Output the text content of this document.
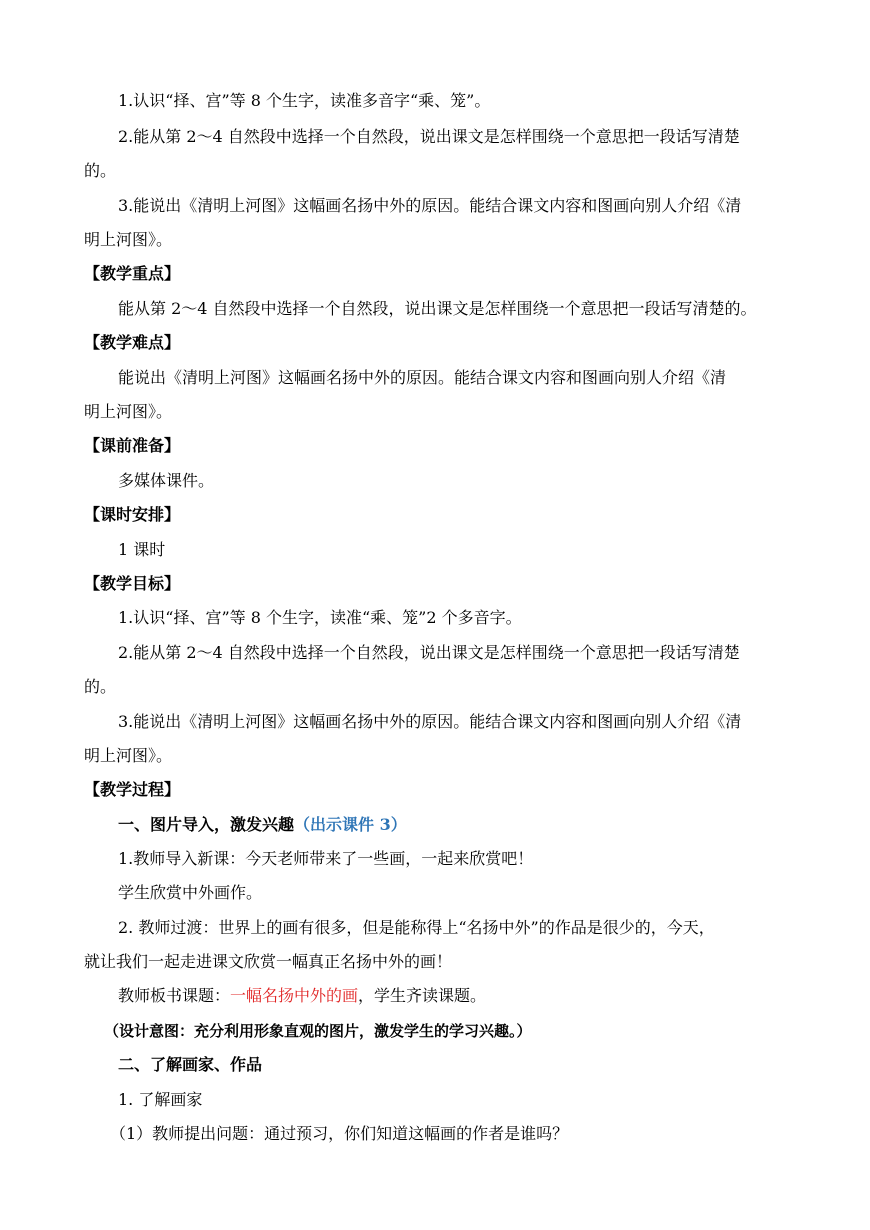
1.认识“择、宫”等 8 个生字，读准多音字“乘、笼”。
2.能从第 2～4 自然段中选择一个自然段，说出课文是怎样围绕一个意思把一段话写清楚
的。
3.能说出《清明上河图》这幅画名扬中外的原因。能结合课文内容和图画向别人介绍《清
明上河图》。
【教学重点】
能从第 2～4 自然段中选择一个自然段，说出课文是怎样围绕一个意思把一段话写清楚的。
【教学难点】
能说出《清明上河图》这幅画名扬中外的原因。能结合课文内容和图画向别人介绍《清
明上河图》。
【课前准备】
多媒体课件。
【课时安排】
1 课时
【教学目标】
1.认识“择、宫”等 8 个生字，读准“乘、笼”2 个多音字。
2.能从第 2～4 自然段中选择一个自然段，说出课文是怎样围绕一个意思把一段话写清楚
的。
3.能说出《清明上河图》这幅画名扬中外的原因。能结合课文内容和图画向别人介绍《清
明上河图》。
【教学过程】
一、图片导入，激发兴趣（出示课件 3）
1.教师导入新课：今天老师带来了一些画，一起来欣赏吧！
学生欣赏中外画作。
2. 教师过渡：世界上的画有很多，但是能称得上“名扬中外”的作品是很少的，今天，
就让我们一起走进课文欣赏一幅真正名扬中外的画！
教师板书课题：一幅名扬中外的画，学生齐读课题。
（设计意图：充分利用形象直观的图片，激发学生的学习兴趣。）
二、了解画家、作品
1. 了解画家
（1）教师提出问题：通过预习，你们知道这幅画的作者是谁吗？
